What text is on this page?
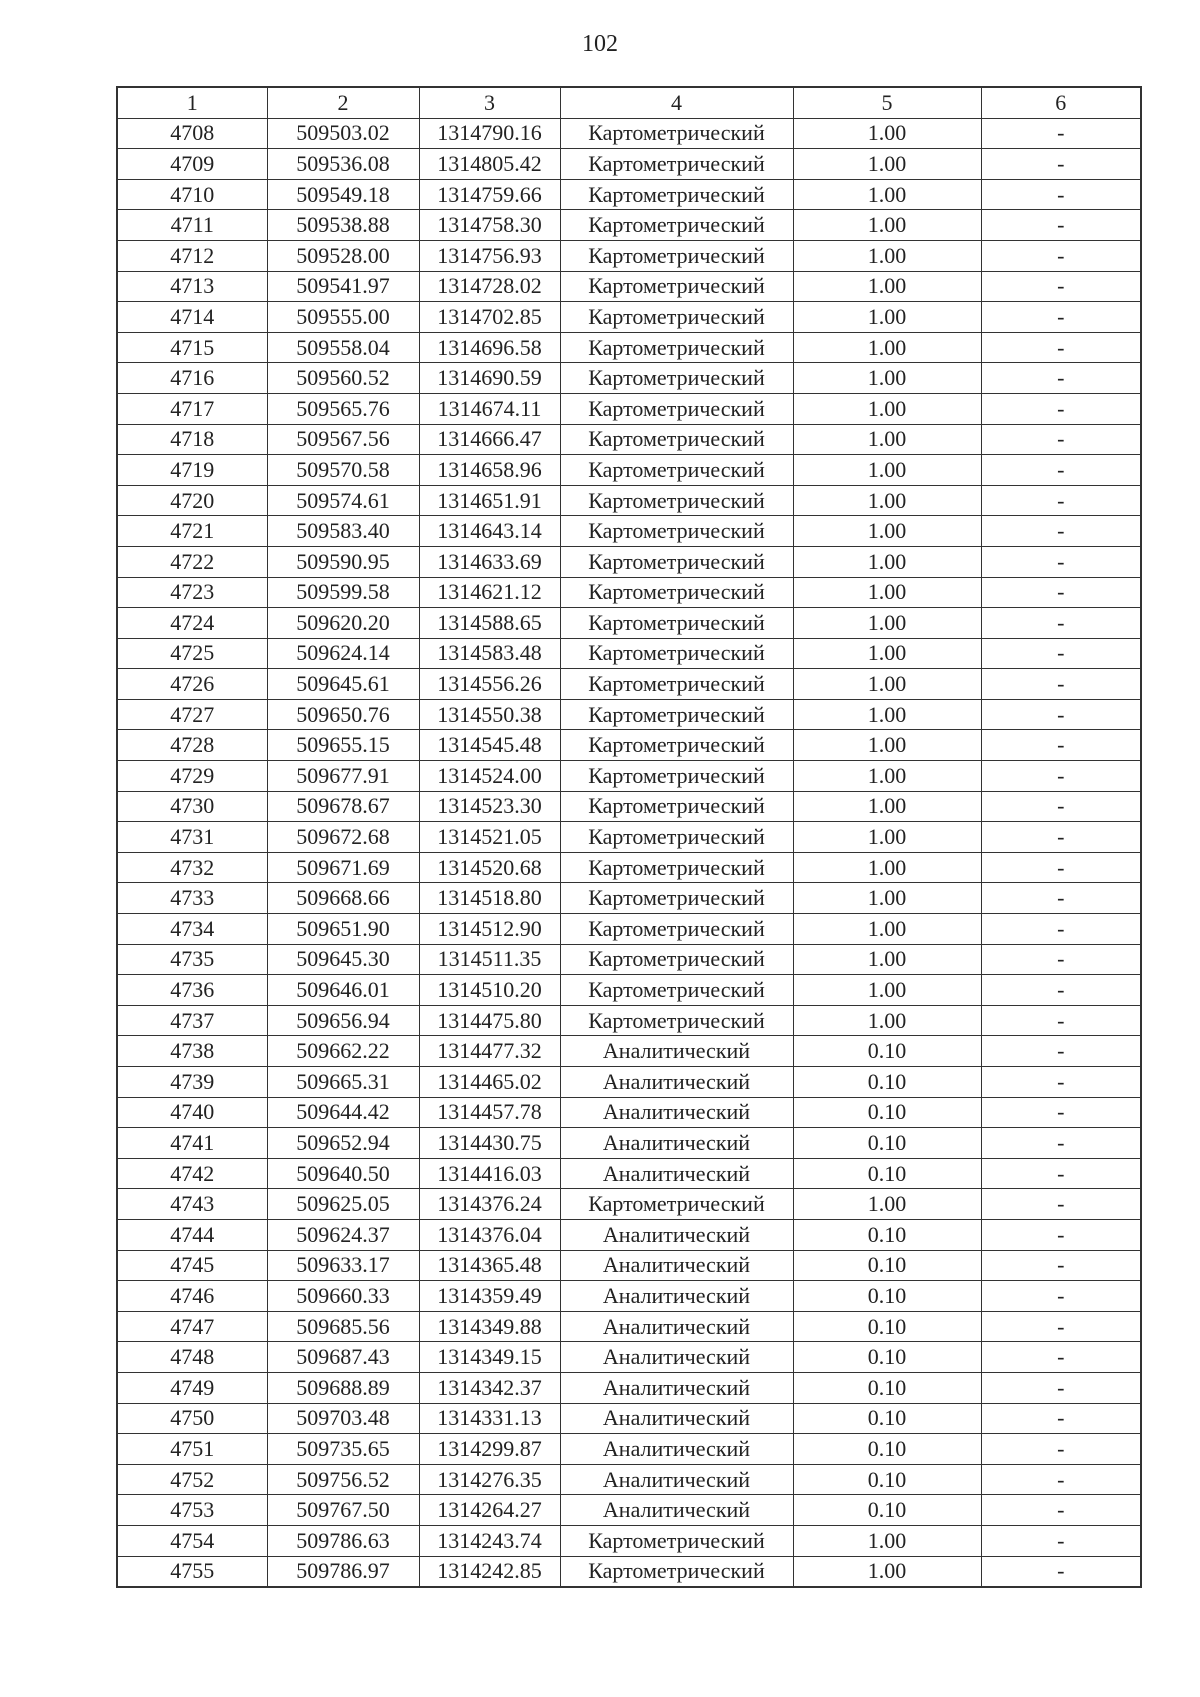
102
1	2	3	4	5	6
4708	509503.02	1314790.16	Картометрический	1.00	-
4709	509536.08	1314805.42	Картометрический	1.00	-
4710	509549.18	1314759.66	Картометрический	1.00	-
4711	509538.88	1314758.30	Картометрический	1.00	-
4712	509528.00	1314756.93	Картометрический	1.00	-
4713	509541.97	1314728.02	Картометрический	1.00	-
4714	509555.00	1314702.85	Картометрический	1.00	-
4715	509558.04	1314696.58	Картометрический	1.00	-
4716	509560.52	1314690.59	Картометрический	1.00	-
4717	509565.76	1314674.11	Картометрический	1.00	-
4718	509567.56	1314666.47	Картометрический	1.00	-
4719	509570.58	1314658.96	Картометрический	1.00	-
4720	509574.61	1314651.91	Картометрический	1.00	-
4721	509583.40	1314643.14	Картометрический	1.00	-
4722	509590.95	1314633.69	Картометрический	1.00	-
4723	509599.58	1314621.12	Картометрический	1.00	-
4724	509620.20	1314588.65	Картометрический	1.00	-
4725	509624.14	1314583.48	Картометрический	1.00	-
4726	509645.61	1314556.26	Картометрический	1.00	-
4727	509650.76	1314550.38	Картометрический	1.00	-
4728	509655.15	1314545.48	Картометрический	1.00	-
4729	509677.91	1314524.00	Картометрический	1.00	-
4730	509678.67	1314523.30	Картометрический	1.00	-
4731	509672.68	1314521.05	Картометрический	1.00	-
4732	509671.69	1314520.68	Картометрический	1.00	-
4733	509668.66	1314518.80	Картометрический	1.00	-
4734	509651.90	1314512.90	Картометрический	1.00	-
4735	509645.30	1314511.35	Картометрический	1.00	-
4736	509646.01	1314510.20	Картометрический	1.00	-
4737	509656.94	1314475.80	Картометрический	1.00	-
4738	509662.22	1314477.32	Аналитический	0.10	-
4739	509665.31	1314465.02	Аналитический	0.10	-
4740	509644.42	1314457.78	Аналитический	0.10	-
4741	509652.94	1314430.75	Аналитический	0.10	-
4742	509640.50	1314416.03	Аналитический	0.10	-
4743	509625.05	1314376.24	Картометрический	1.00	-
4744	509624.37	1314376.04	Аналитический	0.10	-
4745	509633.17	1314365.48	Аналитический	0.10	-
4746	509660.33	1314359.49	Аналитический	0.10	-
4747	509685.56	1314349.88	Аналитический	0.10	-
4748	509687.43	1314349.15	Аналитический	0.10	-
4749	509688.89	1314342.37	Аналитический	0.10	-
4750	509703.48	1314331.13	Аналитический	0.10	-
4751	509735.65	1314299.87	Аналитический	0.10	-
4752	509756.52	1314276.35	Аналитический	0.10	-
4753	509767.50	1314264.27	Аналитический	0.10	-
4754	509786.63	1314243.74	Картометрический	1.00	-
4755	509786.97	1314242.85	Картометрический	1.00	-
